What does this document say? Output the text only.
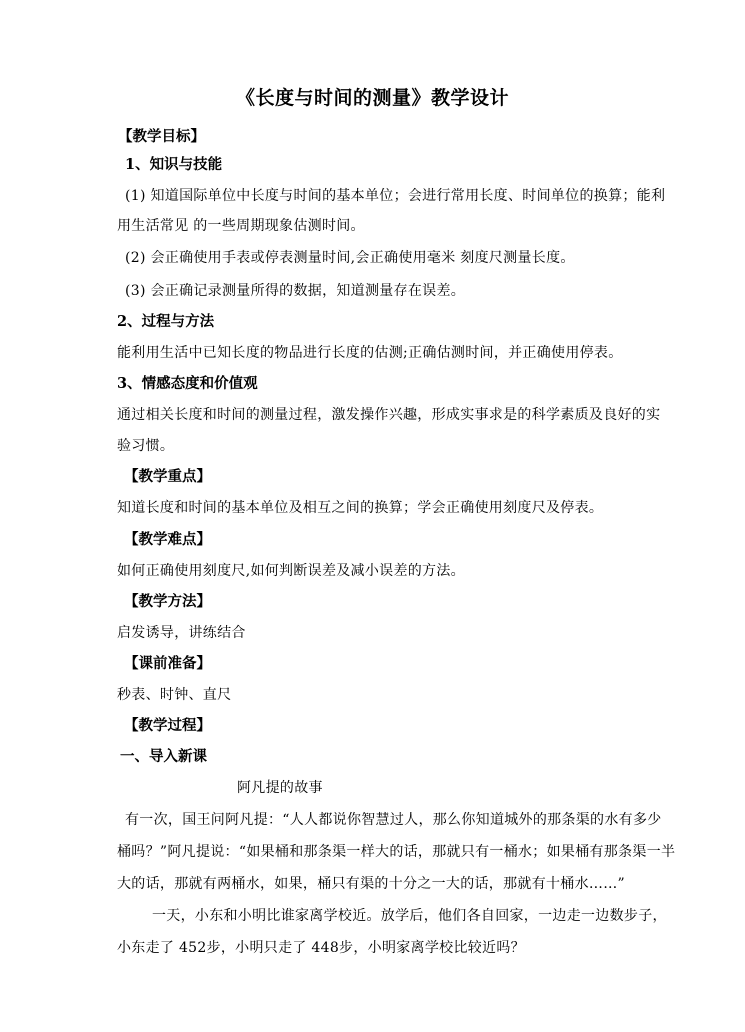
《长度与时间的测量》教学设计
【教学目标】
1、知识与技能
(1) 知道国际单位中长度与时间的基本单位；会进行常用长度、时间单位的换算；能利
用生活常见 的一些周期现象估测时间。
(2) 会正确使用手表或停表测量时间,会正确使用毫米 刻度尺测量长度。
(3) 会正确记录测量所得的数据，知道测量存在误差。
2、过程与方法
能利用生活中已知长度的物品进行长度的估测;正确估测时间，并正确使用停表。
3、情感态度和价值观
通过相关长度和时间的测量过程，激发操作兴趣，形成实事求是的科学素质及良好的实
验习惯。
【教学重点】
知道长度和时间的基本单位及相互之间的换算；学会正确使用刻度尺及停表。
【教学难点】
如何正确使用刻度尺,如何判断误差及减小误差的方法。
【教学方法】
启发诱导，讲练结合
【课前准备】
秒表、时钟、直尺
【教学过程】
一、导入新课
阿凡提的故事
有一次，国王问阿凡提：“人人都说你智慧过人，那么你知道城外的那条渠的水有多少
桶吗？”阿凡提说：“如果桶和那条渠一样大的话，那就只有一桶水；如果桶有那条渠一半
大的话，那就有两桶水，如果，桶只有渠的十分之一大的话，那就有十桶水……”
一天，小东和小明比谁家离学校近。放学后，他们各自回家，一边走一边数步子，
小东走了 452步，小明只走了 448步，小明家离学校比较近吗？
